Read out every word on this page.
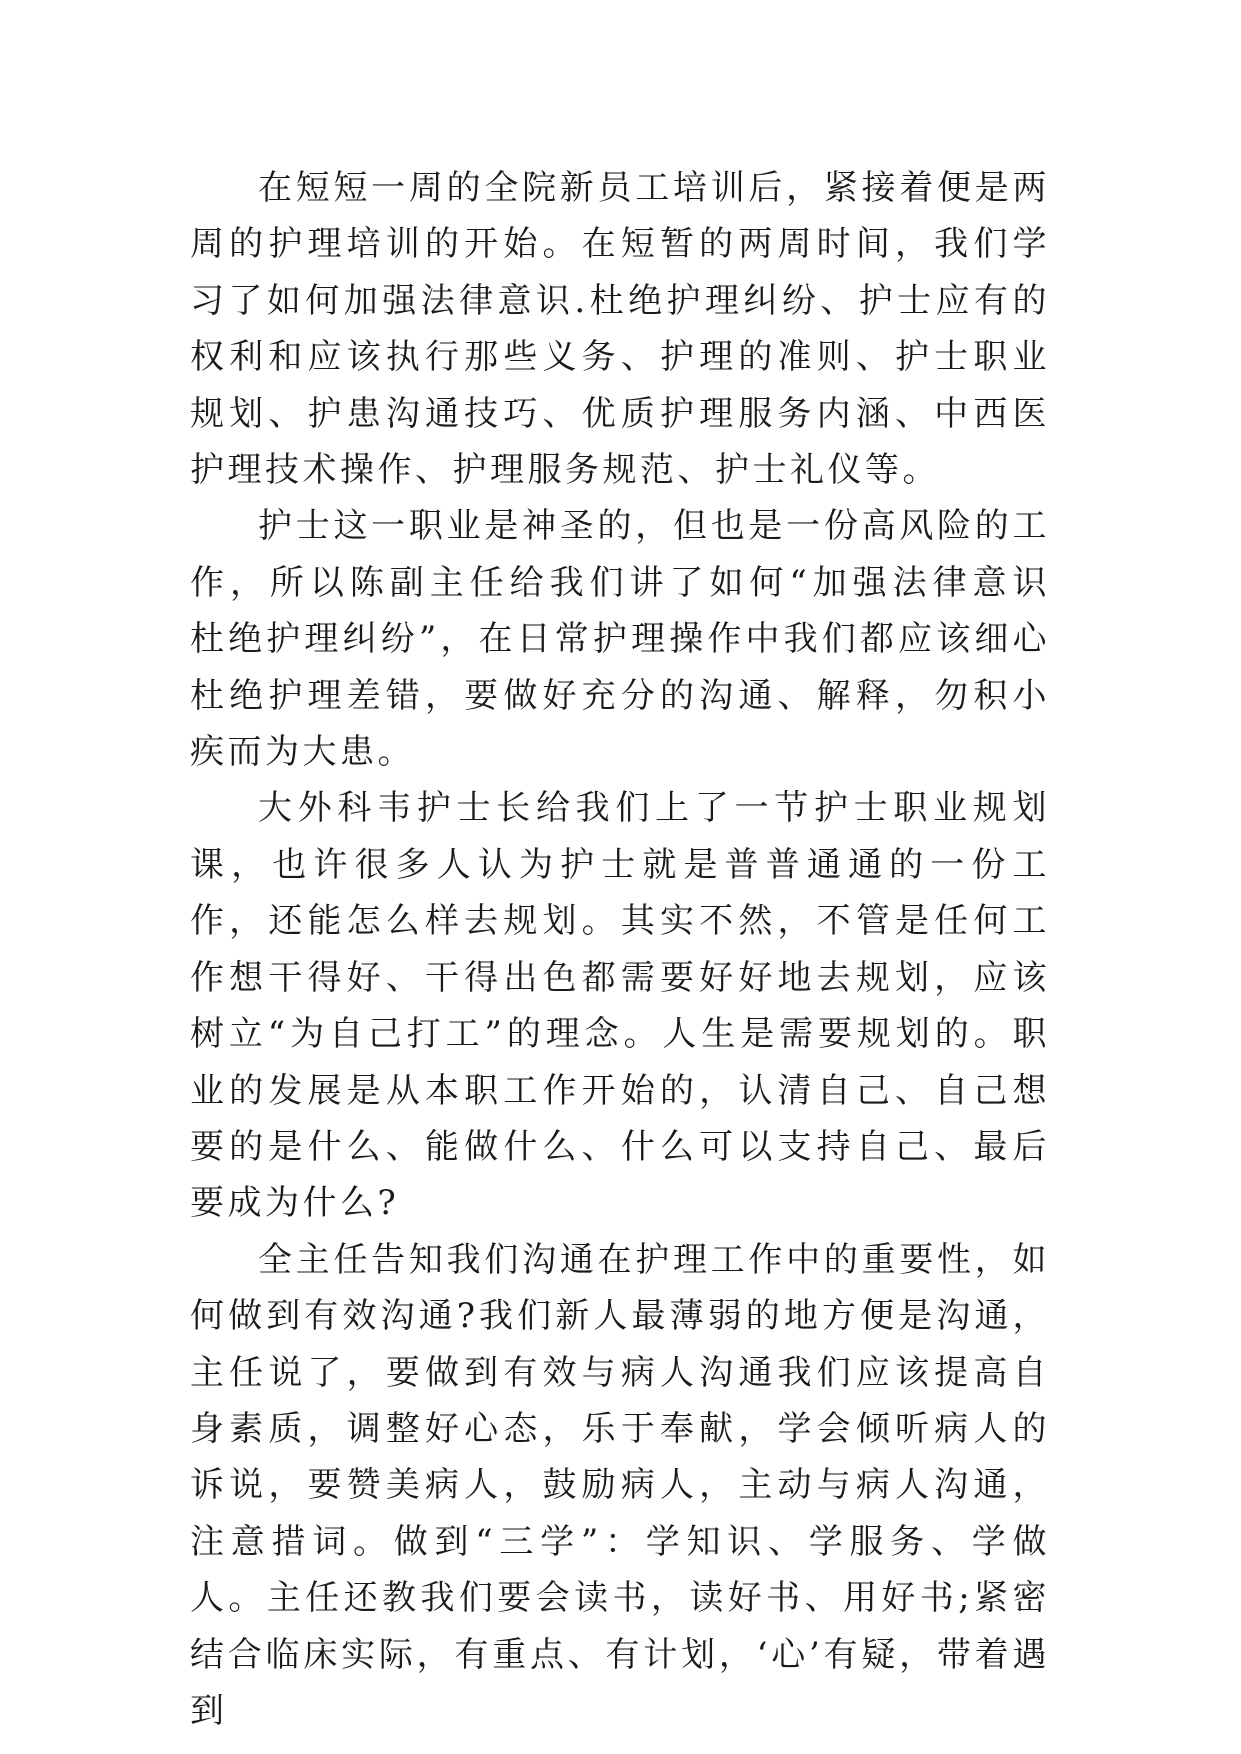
在短短一周的全院新员工培训后，紧接着便是两周的护理培训的开始。在短暂的两周时间，我们学习了如何加强法律意识.杜绝护理纠纷、护士应有的权利和应该执行那些义务、护理的准则、护士职业规划、护患沟通技巧、优质护理服务内涵、中西医护理技术操作、护理服务规范、护士礼仪等。

护士这一职业是神圣的，但也是一份高风险的工作，所以陈副主任给我们讲了如何“加强法律意识 杜绝护理纠纷”，在日常护理操作中我们都应该细心杜绝护理差错，要做好充分的沟通、解释，勿积小疾而为大患。

大外科韦护士长给我们上了一节护士职业规划课，也许很多人认为护士就是普普通通的一份工作，还能怎么样去规划。其实不然，不管是任何工作想干得好、干得出色都需要好好地去规划，应该树立“为自己打工”的理念。人生是需要规划的。职业的发展是从本职工作开始的，认清自己、自己想要的是什么、能做什么、什么可以支持自己、最后要成为什么?

全主任告知我们沟通在护理工作中的重要性，如何做到有效沟通?我们新人最薄弱的地方便是沟通，主任说了，要做到有效与病人沟通我们应该提高自身素质，调整好心态，乐于奉献，学会倾听病人的诉说，要赞美病人，鼓励病人，主动与病人沟通，注意措词。做到“三学”：学知识、学服务、学做人。主任还教我们要会读书，读好书、用好书;紧密结合临床实际，有重点、有计划，‘心’有疑，带着遇到
